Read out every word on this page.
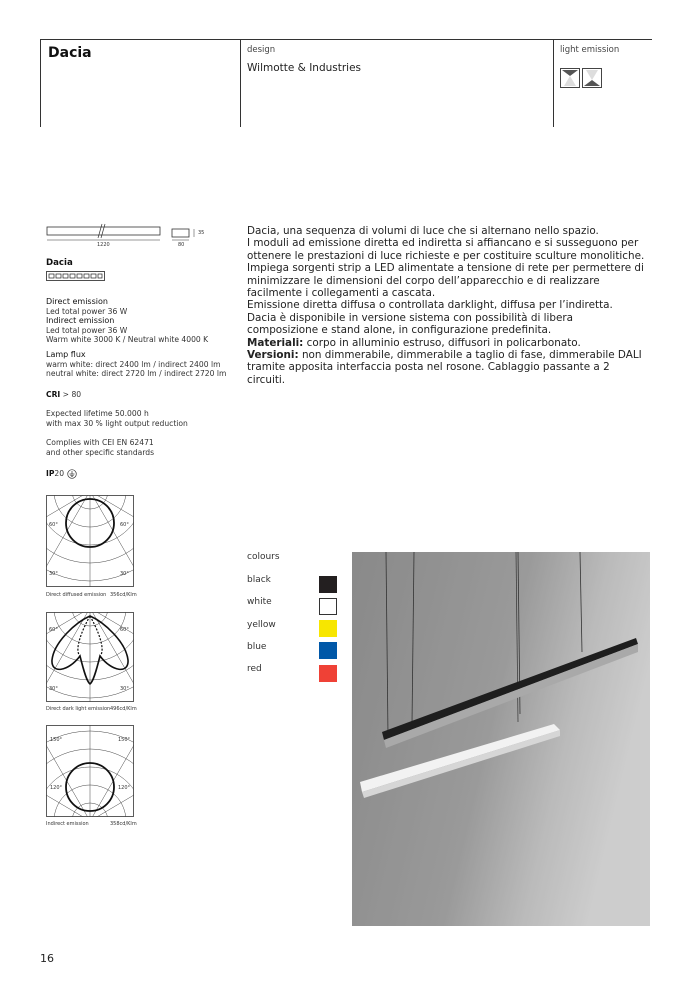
Dacia	design
Wilmotte & Industries
light emission
1220	80
35
Dacia
Direct emission
Led total power 36 W
Indirect emission
Led total power 36 W
Warm white 3000 K / Neutral white 4000 K
Lamp flux
warm white: direct 2400 lm / indirect 2400 lm
neutral white: direct 2720 lm / indirect 2720 lm
CRI > 80
Expected lifetime 50.000 h
with max 30 % light output reduction
Complies with CEI EN 62471
and other specific standards
IP20
60°	60°
30°	30°
Direct diffused emission 356cd/Klm
60°	60°
30°	30°
Direct dark light emission 496cd/Klm
150°	150°
120°	120°
Indirect emission	358cd/Klm

Dacia, una sequenza di volumi di luce che si alternano nello spazio.

I moduli ad emissione diretta ed indiretta si affiancano e si susseguono per ottenere le prestazioni di luce richieste e per costituire sculture monolitiche. Impiega sorgenti strip a LED alimentate a tensione di rete per permettere di minimizzare le dimensioni del corpo dell’apparecchio e di realizzare facilmente i collegamenti a cascata.

Emissione diretta diffusa o controllata darklight, diffusa per l’indiretta.

Dacia è disponibile in versione sistema con possibilità di libera composizione e stand alone, in configurazione predefinita.

Materiali: corpo in alluminio estruso, diffusori in policarbonato.

Versioni: non dimmerabile, dimmerabile a taglio di fase, dimmerabile DALI tramite apposita interfaccia posta nel rosone. Cablaggio passante a 2 circuiti.

colours
black
white
yellow
blue
red
16
